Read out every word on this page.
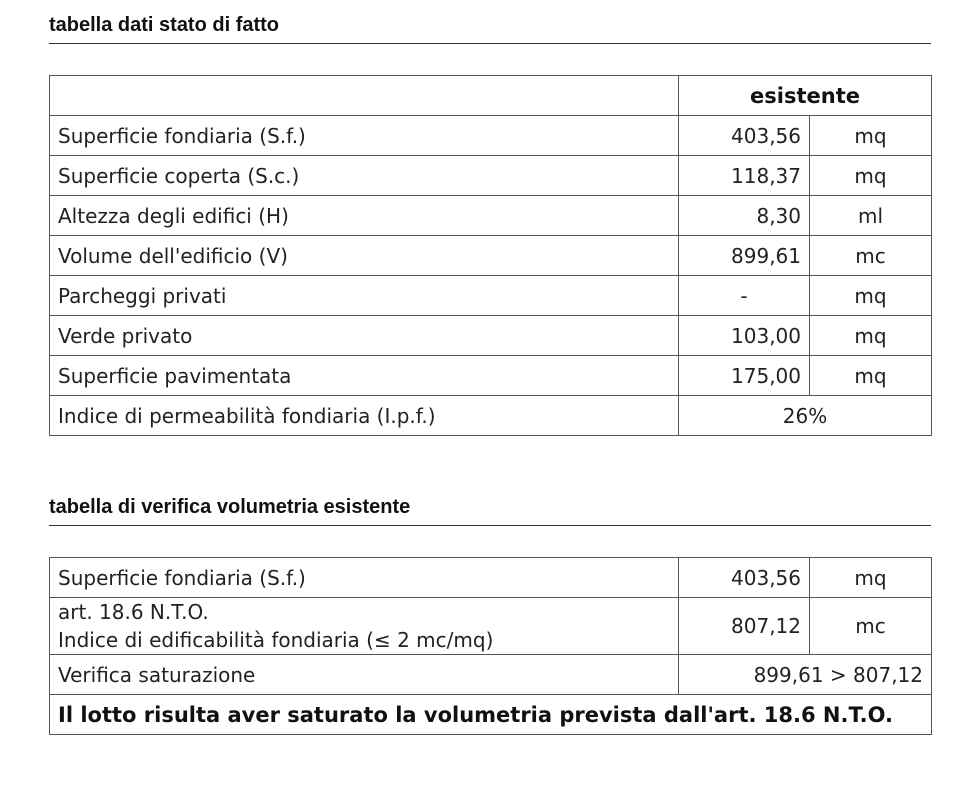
tabella dati stato di fatto
	esistente	
Superficie fondiaria (S.f.)	403,56	mq
Superficie coperta (S.c.)	118,37	mq
Altezza degli edifici (H)	8,30	ml
Volume dell'edificio (V)	899,61	mc
Parcheggi privati	-	mq
Verde privato	103,00	mq
Superficie pavimentata	175,00	mq
Indice di permeabilità fondiaria (I.p.f.)	26%	
tabella di verifica volumetria esistente
Superficie fondiaria (S.f.)	403,56	mq

art. 18.6 N.T.O.
Indice di edificabilità fondiaria (≤ 2 mc/mq)	807,12	mc
Verifica saturazione	899,61 > 807,12	
Il lotto risulta aver saturato la volumetria prevista dall'art. 18.6 N.T.O.		
